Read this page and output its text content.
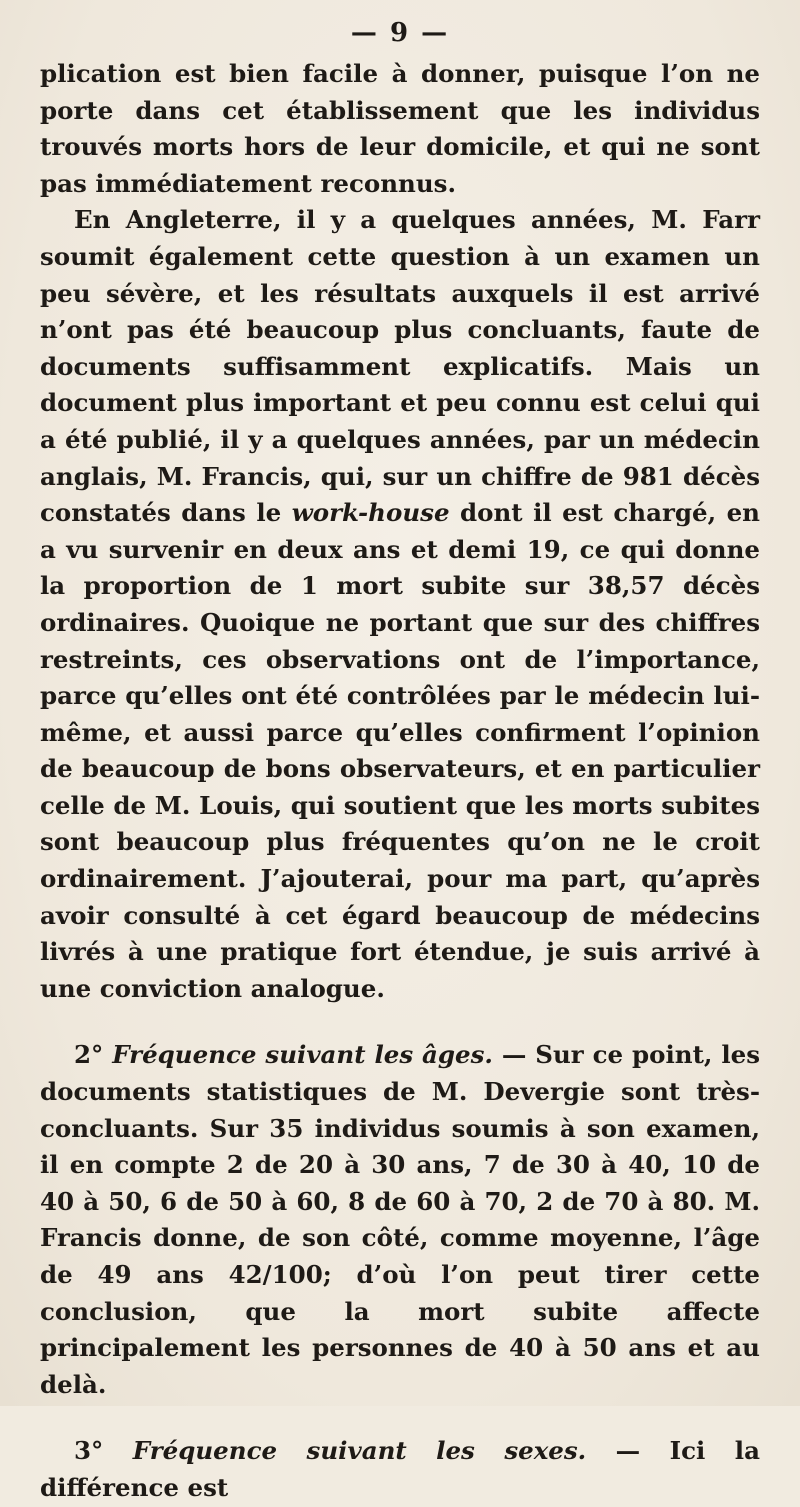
— 9 —

plication est bien facile à donner, puisque l’on ne porte dans cet établissement que les individus trouvés morts hors de leur domicile, et qui ne sont pas immédiatement reconnus.

En Angleterre, il y a quelques années, M. Farr soumit également cette question à un examen un peu sévère, et les résultats auxquels il est arrivé n’ont pas été beaucoup plus concluants, faute de documents suffisamment explicatifs. Mais un document plus important et peu connu est celui qui a été publié, il y a quelques années, par un médecin anglais, M. Francis, qui, sur un chiffre de 981 décès constatés dans le work-house dont il est chargé, en a vu survenir en deux ans et demi 19, ce qui donne la proportion de 1 mort subite sur 38,57 décès ordinaires. Quoique ne portant que sur des chiffres restreints, ces observations ont de l’importance, parce qu’elles ont été contrôlées par le médecin lui-même, et aussi parce qu’elles confirment l’opinion de beaucoup de bons observateurs, et en particulier celle de M. Louis, qui soutient que les morts subites sont beaucoup plus fréquentes qu’on ne le croit ordinairement. J’ajouterai, pour ma part, qu’après avoir consulté à cet égard beaucoup de médecins livrés à une pratique fort étendue, je suis arrivé à une conviction analogue.

2° Fréquence suivant les âges. — Sur ce point, les documents statistiques de M. Devergie sont très-concluants. Sur 35 individus soumis à son examen, il en compte 2 de 20 à 30 ans, 7 de 30 à 40, 10 de 40 à 50, 6 de 50 à 60, 8 de 60 à 70, 2 de 70 à 80. M. Francis donne, de son côté, comme moyenne, l’âge de 49 ans 42/100; d’où l’on peut tirer cette conclusion, que la mort subite affecte principalement les personnes de 40 à 50 ans et au delà.

3° Fréquence suivant les sexes. — Ici la différence est
